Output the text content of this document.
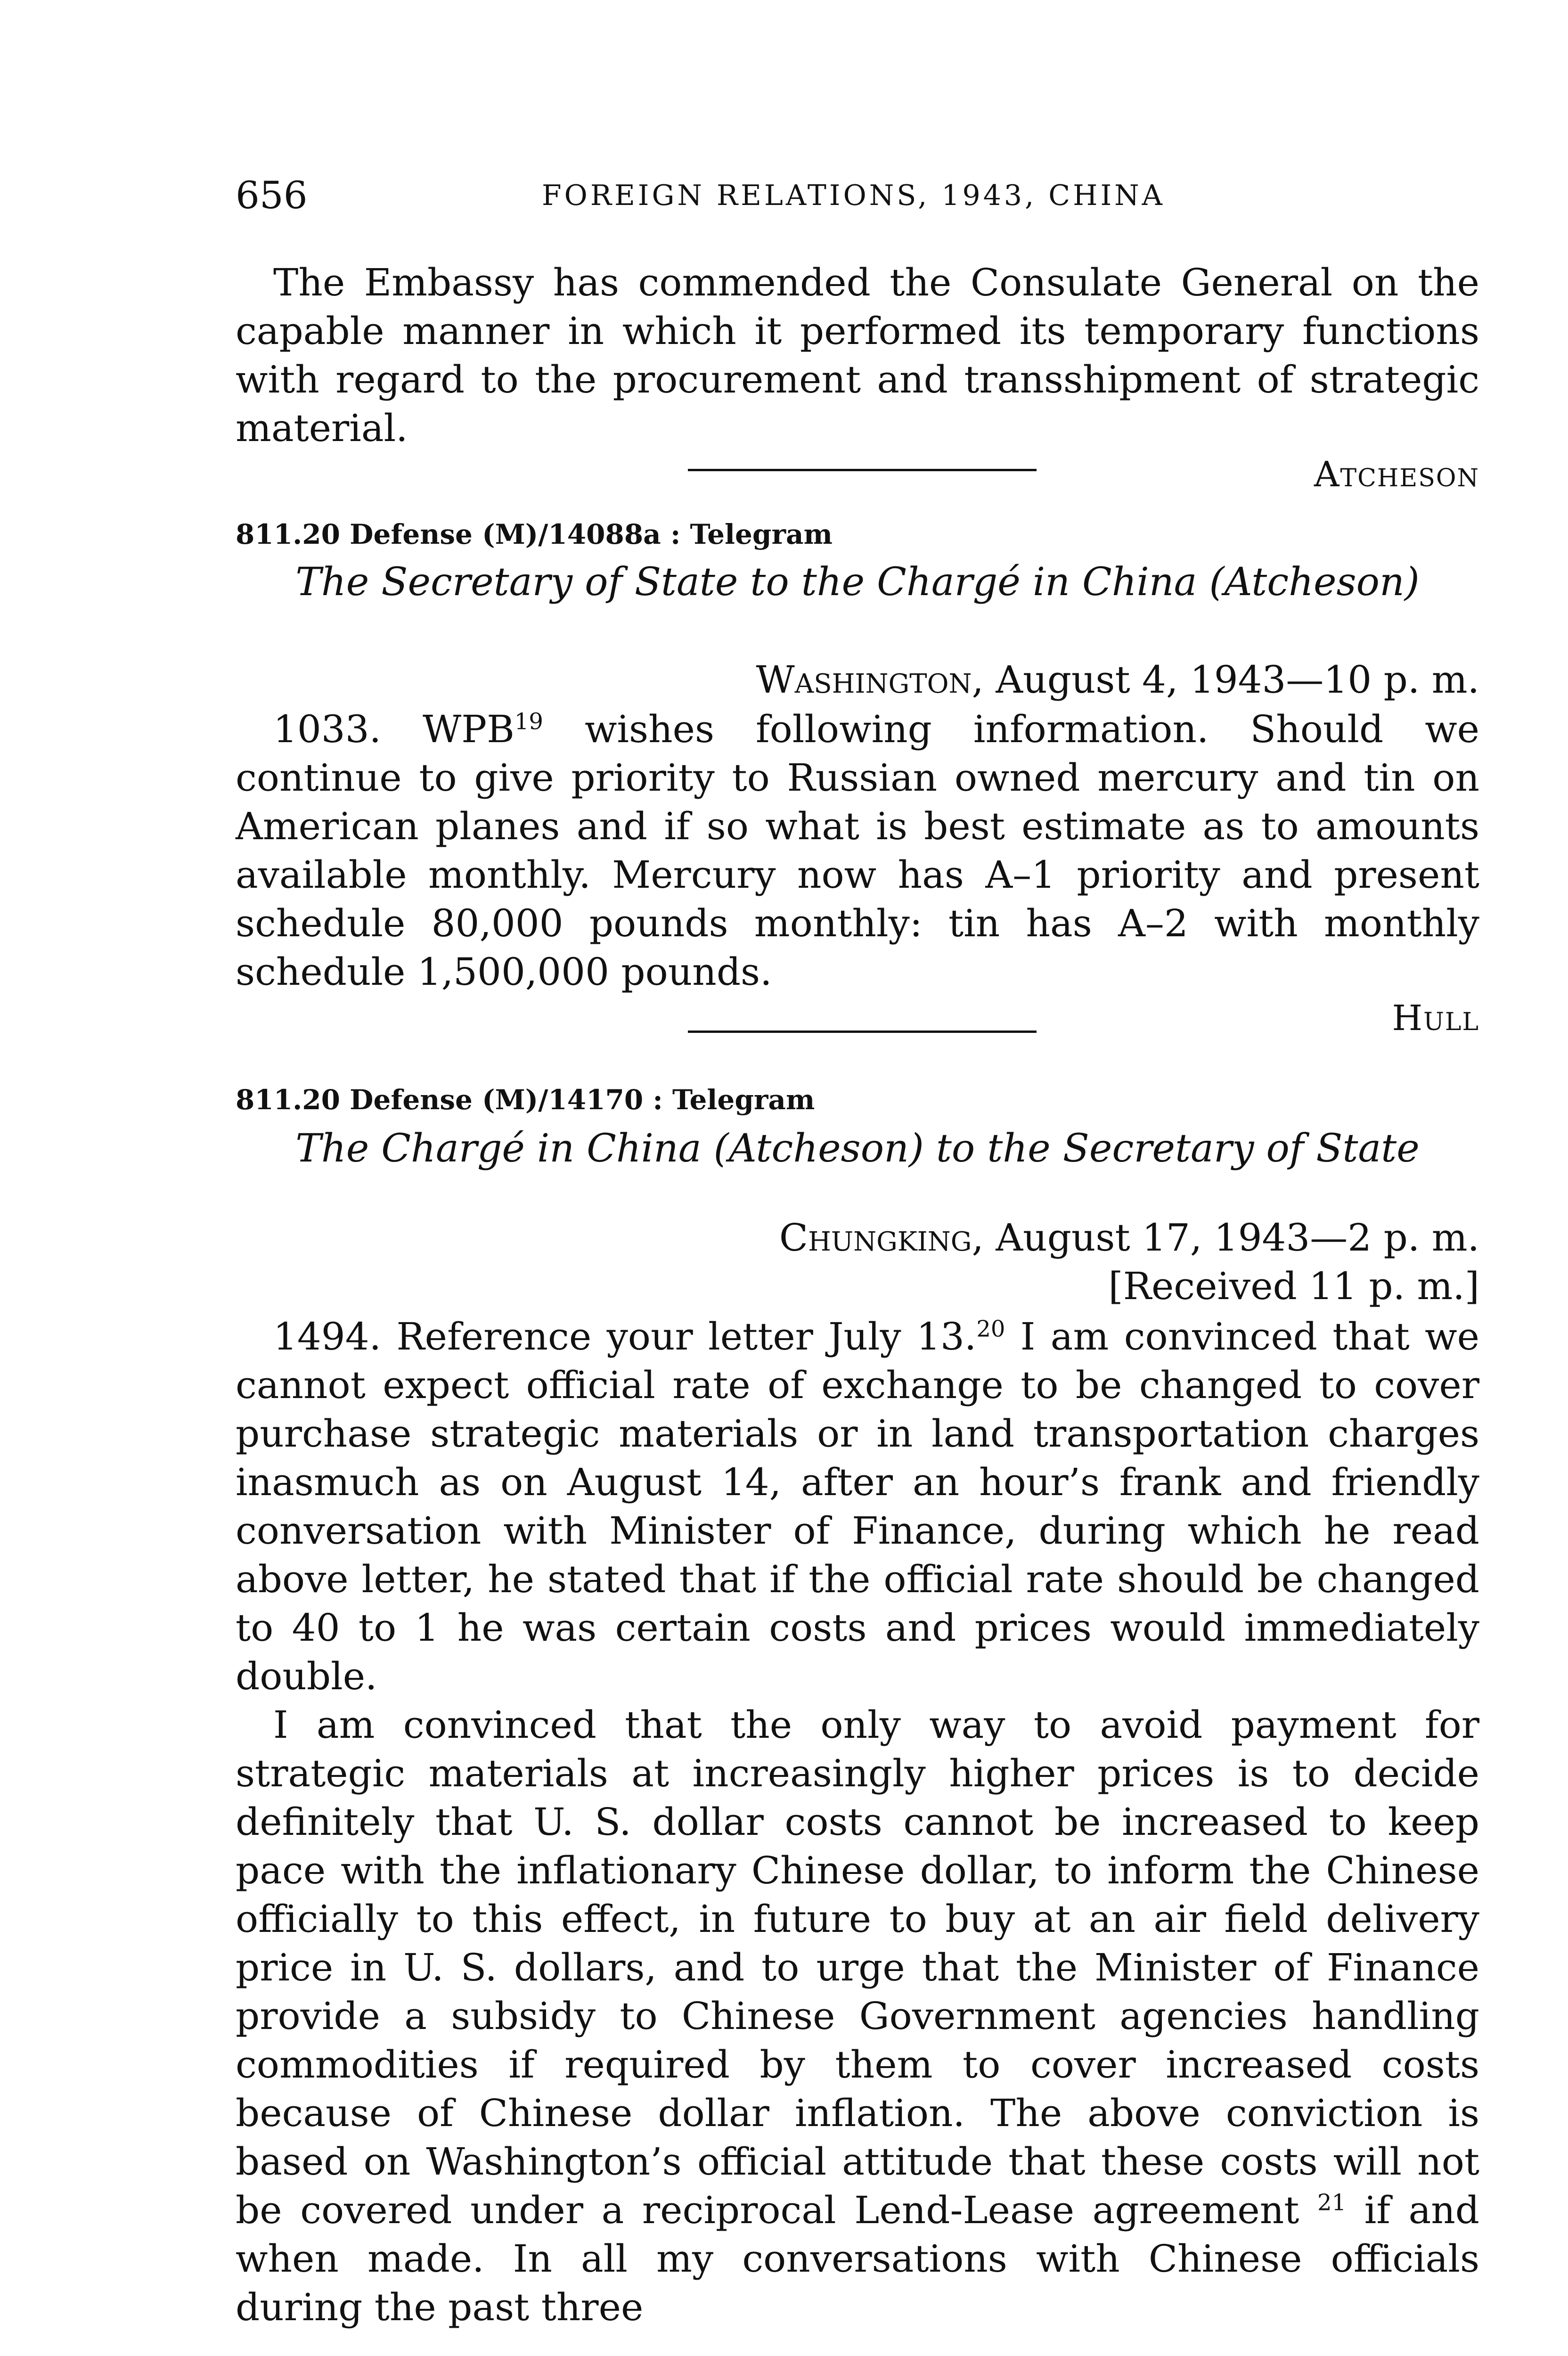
656	FOREIGN RELATIONS, 1943, CHINA
The Embassy has commended the Consulate General on the capable manner in which it performed its temporary functions with regard to the procurement and transshipment of strategic material.
Atcheson
811.20 Defense (M)/14088a : Telegram
The Secretary of State to the Chargé in China (Atcheson)
Washington, August 4, 1943—10 p. m.
1033. WPB$^{19}$ wishes following information. Should we continue to give priority to Russian owned mercury and tin on American planes and if so what is best estimate as to amounts available monthly. Mercury now has A–1 priority and present schedule 80,000 pounds monthly: tin has A–2 with monthly schedule 1,500,000 pounds.
Hull
811.20 Defense (M)/14170 : Telegram
The Chargé in China (Atcheson) to the Secretary of State
Chungking, August 17, 1943—2 p. m.
[Received 11 p. m.]
1494. Reference your letter July 13.20 I am convinced that we cannot expect official rate of exchange to be changed to cover purchase strategic materials or in land transportation charges inasmuch as on August 14, after an hour’s frank and friendly conversation with Minister of Finance, during which he read above letter, he stated that if the official rate should be changed to 40 to 1 he was certain costs and prices would immediately double.
I am convinced that the only way to avoid payment for strategic materials at increasingly higher prices is to decide definitely that U. S. dollar costs cannot be increased to keep pace with the inflationary Chinese dollar, to inform the Chinese officially to this effect, in future to buy at an air field delivery price in U. S. dollars, and to urge that the Minister of Finance provide a subsidy to Chinese Government agencies handling commodities if required by them to cover increased costs because of Chinese dollar inflation. The above conviction is based on Washington’s official attitude that these costs will not be covered under a reciprocal Lend-Lease agreement $^{21}$ if and when made. In all my conversations with Chinese officials during the past three
